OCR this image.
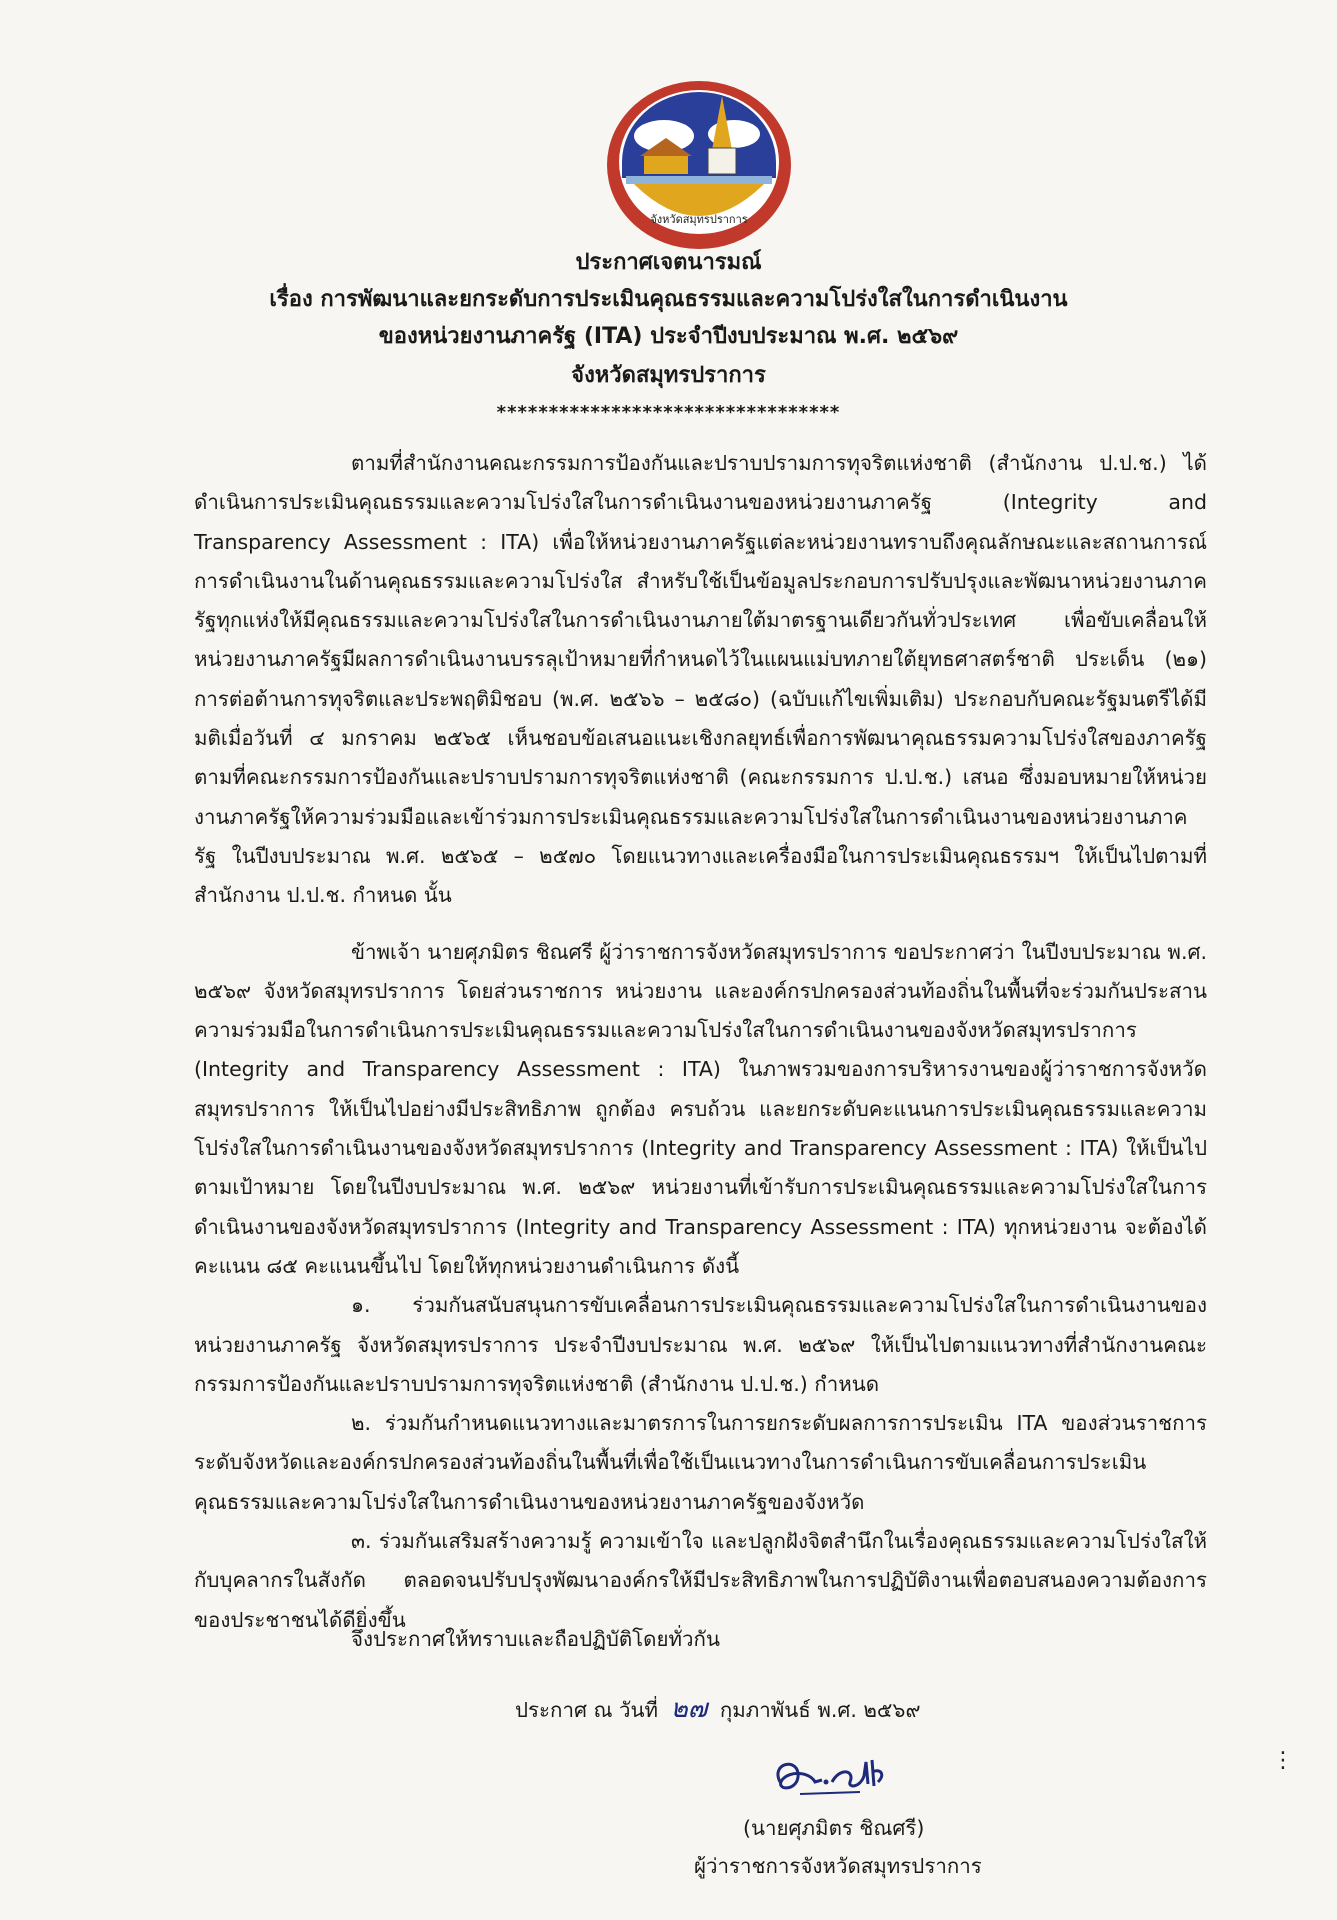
จังหวัดสมุทรปราการ
ประกาศเจตนารมณ์
เรื่อง การพัฒนาและยกระดับการประเมินคุณธรรมและความโปร่งใสในการดำเนินงาน
ของหน่วยงานภาครัฐ (ITA) ประจำปีงบประมาณ พ.ศ. ๒๕๖๙
จังหวัดสมุทรปราการ
*********************************

ตามที่สำนักงานคณะกรรมการป้องกันและปราบปรามการทุจริตแห่งชาติ (สำนักงาน ป.ป.ช.) ได้ดำเนินการประเมินคุณธรรมและความโปร่งใสในการดำเนินงานของหน่วยงานภาครัฐ (Integrity and Transparency Assessment : ITA) เพื่อให้หน่วยงานภาครัฐแต่ละหน่วยงานทราบถึงคุณลักษณะและสถานการณ์การดำเนินงานในด้านคุณธรรมและความโปร่งใส สำหรับใช้เป็นข้อมูลประกอบการปรับปรุงและพัฒนาหน่วยงานภาครัฐทุกแห่งให้มีคุณธรรมและความโปร่งใสในการดำเนินงานภายใต้มาตรฐานเดียวกันทั่วประเทศ เพื่อขับเคลื่อนให้หน่วยงานภาครัฐมีผลการดำเนินงานบรรลุเป้าหมายที่กำหนดไว้ในแผนแม่บทภายใต้ยุทธศาสตร์ชาติ ประเด็น (๒๑) การต่อต้านการทุจริตและประพฤติมิชอบ (พ.ศ. ๒๕๖๖ – ๒๕๘๐) (ฉบับแก้ไขเพิ่มเติม) ประกอบกับคณะรัฐมนตรีได้มีมติเมื่อวันที่ ๔ มกราคม ๒๕๖๕ เห็นชอบข้อเสนอแนะเชิงกลยุทธ์เพื่อการพัฒนาคุณธรรมความโปร่งใสของภาครัฐ ตามที่คณะกรรมการป้องกันและปราบปรามการทุจริตแห่งชาติ (คณะกรรมการ ป.ป.ช.) เสนอ ซึ่งมอบหมายให้หน่วยงานภาครัฐให้ความร่วมมือและเข้าร่วมการประเมินคุณธรรมและความโปร่งใสในการดำเนินงานของหน่วยงานภาครัฐ ในปีงบประมาณ พ.ศ. ๒๕๖๕ – ๒๕๗๐ โดยแนวทางและเครื่องมือในการประเมินคุณธรรมฯ ให้เป็นไปตามที่สำนักงาน ป.ป.ช. กำหนด นั้น

ข้าพเจ้า นายศุภมิตร ชิณศรี ผู้ว่าราชการจังหวัดสมุทรปราการ ขอประกาศว่า ในปีงบประมาณ พ.ศ. ๒๕๖๙ จังหวัดสมุทรปราการ โดยส่วนราชการ หน่วยงาน และองค์กรปกครองส่วนท้องถิ่นในพื้นที่จะร่วมกันประสานความร่วมมือในการดำเนินการประเมินคุณธรรมและความโปร่งใสในการดำเนินงานของจังหวัดสมุทรปราการ (Integrity and Transparency Assessment : ITA) ในภาพรวมของการบริหารงานของผู้ว่าราชการจังหวัดสมุทรปราการ ให้เป็นไปอย่างมีประสิทธิภาพ ถูกต้อง ครบถ้วน และยกระดับคะแนนการประเมินคุณธรรมและความโปร่งใสในการดำเนินงานของจังหวัดสมุทรปราการ (Integrity and Transparency Assessment : ITA) ให้เป็นไปตามเป้าหมาย โดยในปีงบประมาณ พ.ศ. ๒๕๖๙ หน่วยงานที่เข้ารับการประเมินคุณธรรมและความโปร่งใสในการดำเนินงานของจังหวัดสมุทรปราการ (Integrity and Transparency Assessment : ITA) ทุกหน่วยงาน จะต้องได้คะแนน ๘๕ คะแนนขึ้นไป โดยให้ทุกหน่วยงานดำเนินการ ดังนี้

๑. ร่วมกันสนับสนุนการขับเคลื่อนการประเมินคุณธรรมและความโปร่งใสในการดำเนินงานของหน่วยงานภาครัฐ จังหวัดสมุทรปราการ ประจำปีงบประมาณ พ.ศ. ๒๕๖๙ ให้เป็นไปตามแนวทางที่สำนักงานคณะกรรมการป้องกันและปราบปรามการทุจริตแห่งชาติ (สำนักงาน ป.ป.ช.) กำหนด

๒. ร่วมกันกำหนดแนวทางและมาตรการในการยกระดับผลการการประเมิน ITA ของส่วนราชการระดับจังหวัดและองค์กรปกครองส่วนท้องถิ่นในพื้นที่เพื่อใช้เป็นแนวทางในการดำเนินการขับเคลื่อนการประเมินคุณธรรมและความโปร่งใสในการดำเนินงานของหน่วยงานภาครัฐของจังหวัด

๓. ร่วมกันเสริมสร้างความรู้ ความเข้าใจ และปลูกฝังจิตสำนึกในเรื่องคุณธรรมและความโปร่งใสให้กับบุคลากรในสังกัด ตลอดจนปรับปรุงพัฒนาองค์กรให้มีประสิทธิภาพในการปฏิบัติงานเพื่อตอบสนองความต้องการของประชาชนได้ดียิ่งขึ้น

จึงประกาศให้ทราบและถือปฏิบัติโดยทั่วกัน
ประกาศ ณ วันที่ ๒๗ กุมภาพันธ์ พ.ศ. ๒๕๖๙
(นายศุภมิตร ชิณศรี)
ผู้ว่าราชการจังหวัดสมุทรปราการ
⋮
